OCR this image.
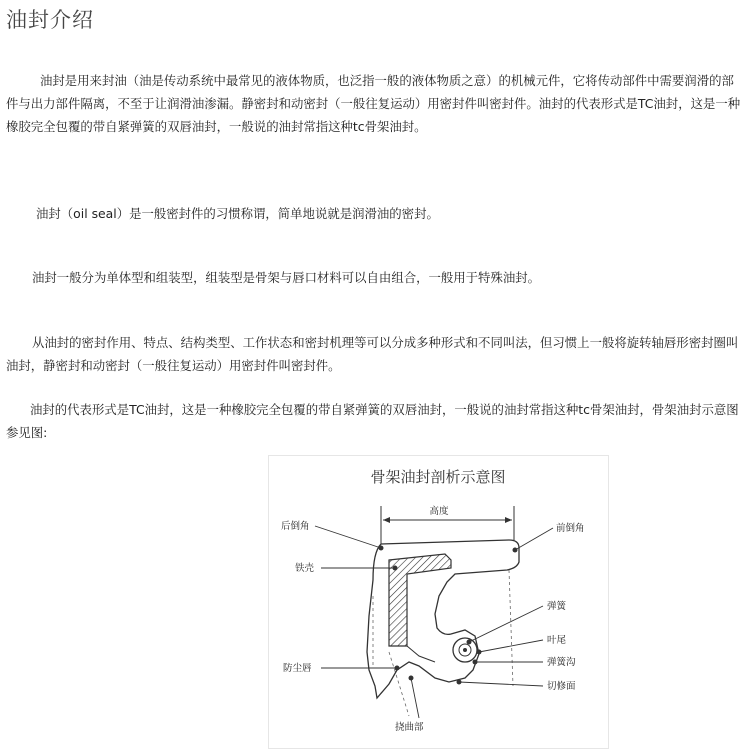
油封介绍
油封是用来封油（油是传动系统中最常见的液体物质，也泛指一般的液体物质之意）的机械元件，它将传动部件中需要润滑的部件与出力部件隔离，不至于让润滑油渗漏。静密封和动密封（一般往复运动）用密封件叫密封件。油封的代表形式是TC油封，这是一种橡胶完全包覆的带自紧弹簧的双唇油封，一般说的油封常指这种tc骨架油封。
油封（oil seal）是一般密封件的习惯称谓，简单地说就是润滑油的密封。
油封一般分为单体型和组装型，组装型是骨架与唇口材料可以自由组合，一般用于特殊油封。
从油封的密封作用、特点、结构类型、工作状态和密封机理等可以分成多种形式和不同叫法，但习惯上一般将旋转轴唇形密封圈叫油封，静密封和动密封（一般往复运动）用密封件叫密封件。
油封的代表形式是TC油封，这是一种橡胶完全包覆的带自紧弹簧的双唇油封，一般说的油封常指这种tc骨架油封，骨架油封示意图 参见图:
骨架油封剖析示意图
高度
后倒角	前倒角
铁壳
弹簧
叶尾
弹簧沟
防尘唇
切修面
挠曲部
